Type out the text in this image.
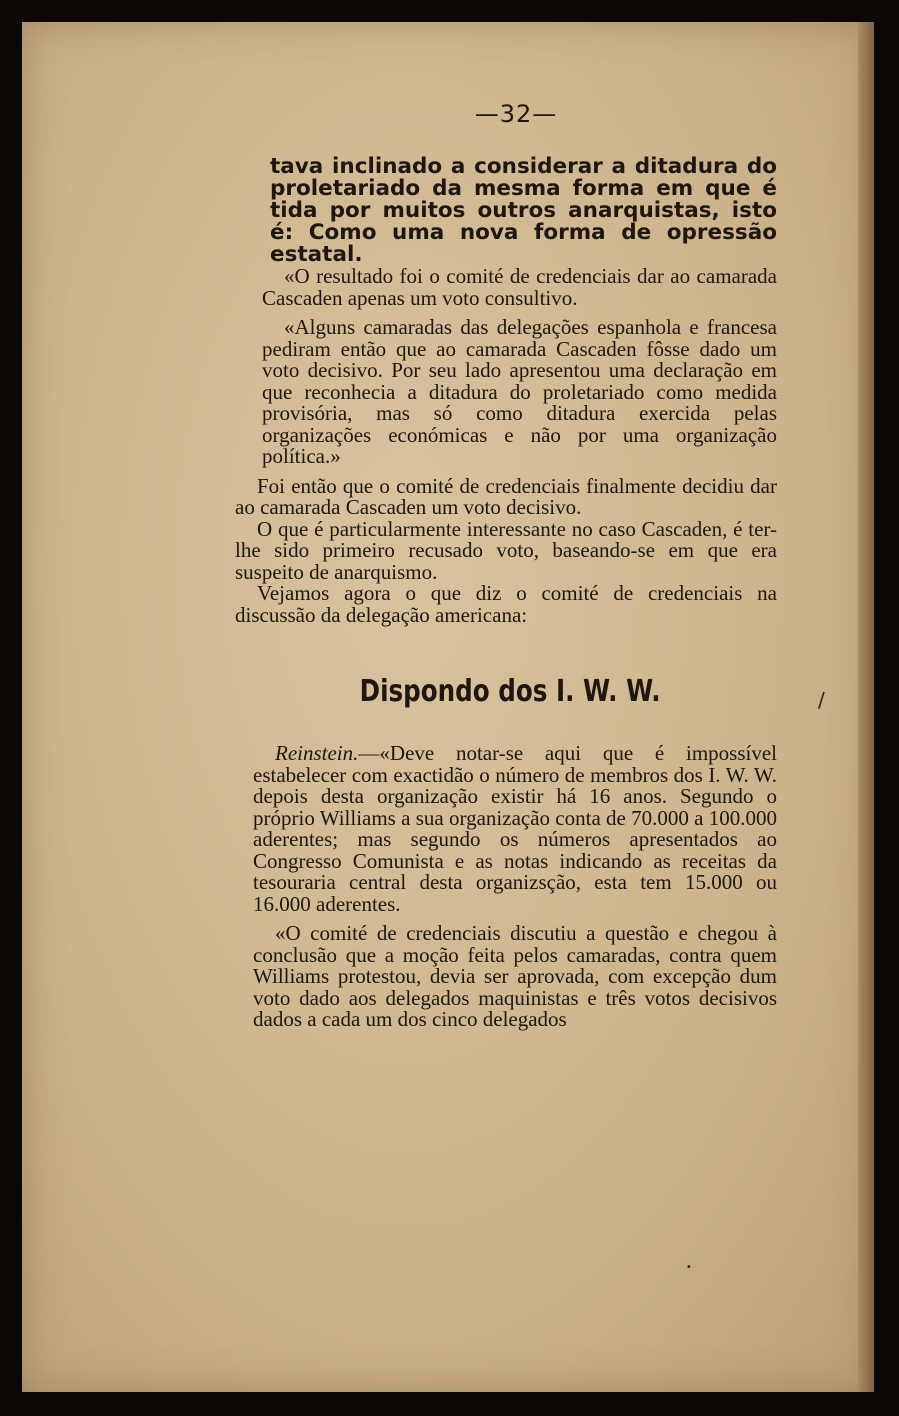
—32—

tava inclinado a considerar a ditadura do proletariado da mesma forma em que é tida por muitos outros anarquistas, isto é: Como uma nova forma de opressão estatal.

«O resultado foi o comité de credenciais dar ao camarada Cascaden apenas um voto consultivo.

«Alguns camaradas das delegações espanhola e francesa pediram então que ao camarada Cascaden fôsse dado um voto decisivo. Por seu lado apresentou uma declaração em que reconhecia a ditadura do proletariado como medida provisória, mas só como ditadura exercida pelas organizações económicas e não por uma organização política.»

Foi então que o comité de credenciais finalmente decidiu dar ao camarada Cascaden um voto decisivo.

O que é particularmente interessante no caso Cascaden, é ter-lhe sido primeiro recusado voto, baseando-se em que era suspeito de anarquismo.

Vejamos agora o que diz o comité de credenciais na discussão da delegação americana:

Dispondo dos I. W. W.

Reinstein.—«Deve notar-se aqui que é impossível estabelecer com exactidão o número de membros dos I. W. W. depois desta organização existir há 16 anos. Segundo o próprio Williams a sua organização conta de 70.000 a 100.000 aderentes; mas segundo os números apresentados ao Congresso Comunista e as notas indicando as receitas da tesouraria central desta organizsção, esta tem 15.000 ou 16.000 aderentes.

«O comité de credenciais discutiu a questão e chegou à conclusão que a moção feita pelos camaradas, contra quem Williams protestou, devia ser aprovada, com excepção dum voto dado aos delegados maquinistas e três votos decisivos dados a cada um dos cinco delegados

/
•
